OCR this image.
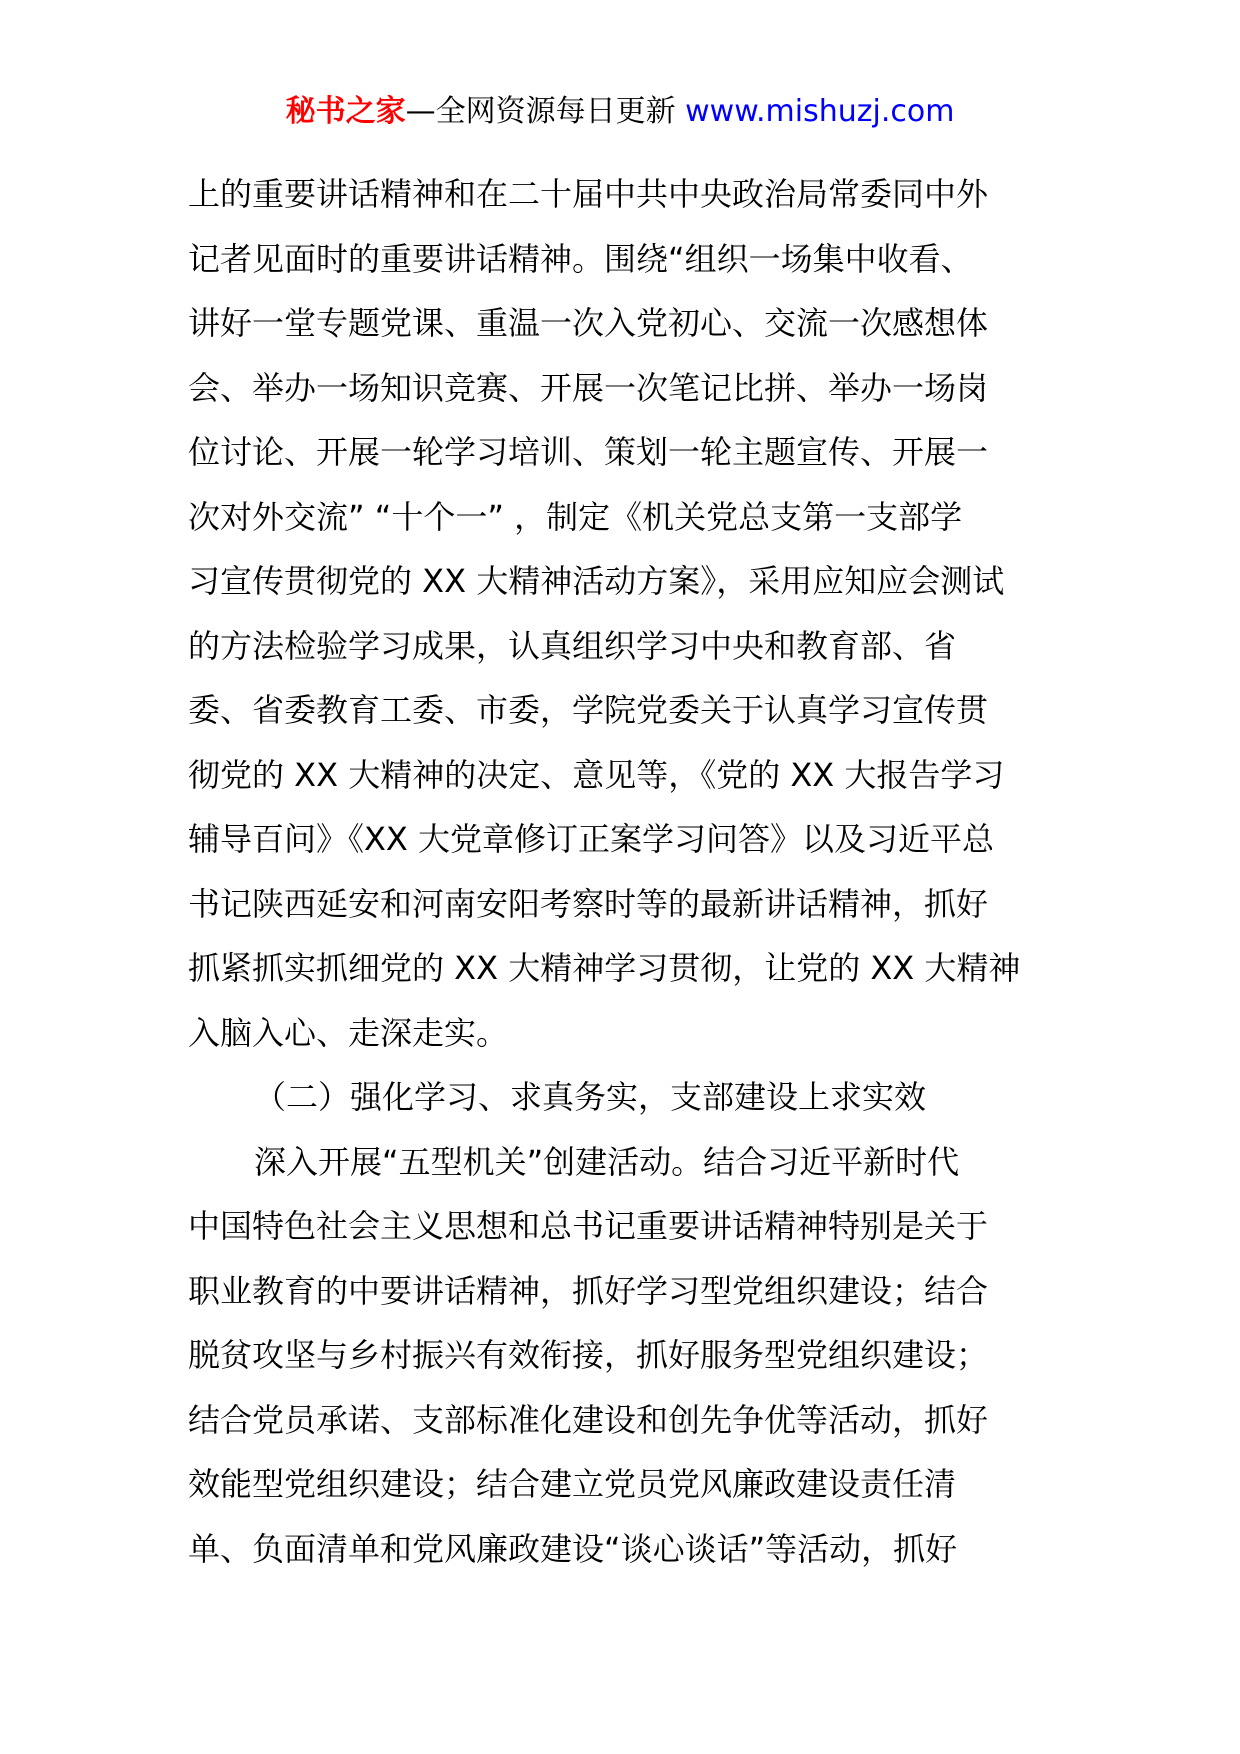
秘书之家—全网资源每日更新 www.mishuzj.com
上的重要讲话精神和在二十届中共中央政治局常委同中外
记者见面时的重要讲话精神。围绕“组织一场集中收看、
讲好一堂专题党课、重温一次入党初心、交流一次感想体
会、举办一场知识竞赛、开展一次笔记比拼、举办一场岗
位讨论、开展一轮学习培训、策划一轮主题宣传、开展一
次对外交流” “十个一” ，制定《机关党总支第一支部学
习宣传贯彻党的 XX 大精神活动方案》，采用应知应会测试
的方法检验学习成果，认真组织学习中央和教育部、省
委、省委教育工委、市委，学院党委关于认真学习宣传贯
彻党的 XX 大精神的决定、意见等，《党的 XX 大报告学习
辅导百问》《XX 大党章修订正案学习问答》以及习近平总
书记陕西延安和河南安阳考察时等的最新讲话精神，抓好
抓紧抓实抓细党的 XX 大精神学习贯彻，让党的 XX 大精神
入脑入心、走深走实。
（二）强化学习、求真务实，支部建设上求实效
深入开展“五型机关”创建活动。结合习近平新时代
中国特色社会主义思想和总书记重要讲话精神特别是关于
职业教育的中要讲话精神，抓好学习型党组织建设；结合
脱贫攻坚与乡村振兴有效衔接，抓好服务型党组织建设；
结合党员承诺、支部标准化建设和创先争优等活动，抓好
效能型党组织建设；结合建立党员党风廉政建设责任清
单、负面清单和党风廉政建设“谈心谈话”等活动，抓好
